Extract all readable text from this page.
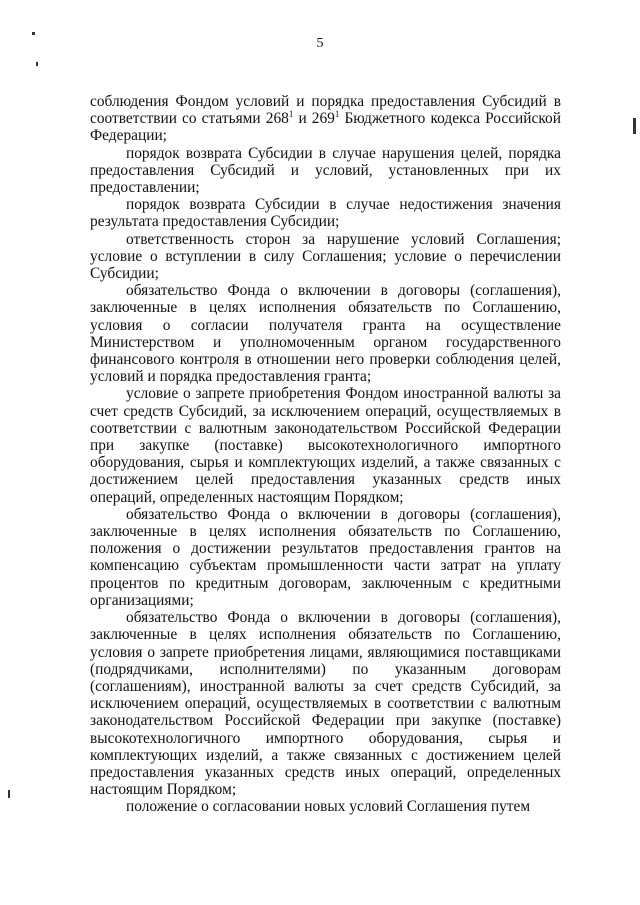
5

соблюдения Фондом условий и порядка предоставления Субсидий в соответствии со статьями $268^1$ и $269^1$ Бюджетного кодекса Российской Федерации;

порядок возврата Субсидии в случае нарушения целей, порядка предоставления Субсидий и условий, установленных при их предоставлении;

порядок возврата Субсидии в случае недостижения значения результата предоставления Субсидии;

ответственность сторон за нарушение условий Соглашения; условие о вступлении в силу Соглашения; условие о перечислении Субсидии;

обязательство Фонда о включении в договоры (соглашения), заключенные в целях исполнения обязательств по Соглашению, условия о согласии получателя гранта на осуществление Министерством и уполномоченным органом государственного финансового контроля в отношении него проверки соблюдения целей, условий и порядка предоставления гранта;

условие о запрете приобретения Фондом иностранной валюты за счет средств Субсидий, за исключением операций, осуществляемых в соответствии с валютным законодательством Российской Федерации при закупке (поставке) высокотехнологичного импортного оборудования, сырья и комплектующих изделий, а также связанных с достижением целей предоставления указанных средств иных операций, определенных настоящим Порядком;

обязательство Фонда о включении в договоры (соглашения), заключенные в целях исполнения обязательств по Соглашению, положения о достижении результатов предоставления грантов на компенсацию субъектам промышленности части затрат на уплату процентов по кредитным договорам, заключенным с кредитными организациями;

обязательство Фонда о включении в договоры (соглашения), заключенные в целях исполнения обязательств по Соглашению, условия о запрете приобретения лицами, являющимися поставщиками (подрядчиками, исполнителями) по указанным договорам (соглашениям), иностранной валюты за счет средств Субсидий, за исключением операций, осуществляемых в соответствии с валютным законодательством Российской Федерации при закупке (поставке) высокотехнологичного импортного оборудования, сырья и комплектующих изделий, а также связанных с достижением целей предоставления указанных средств иных операций, определенных настоящим Порядком;

положение о согласовании новых условий Соглашения путем
